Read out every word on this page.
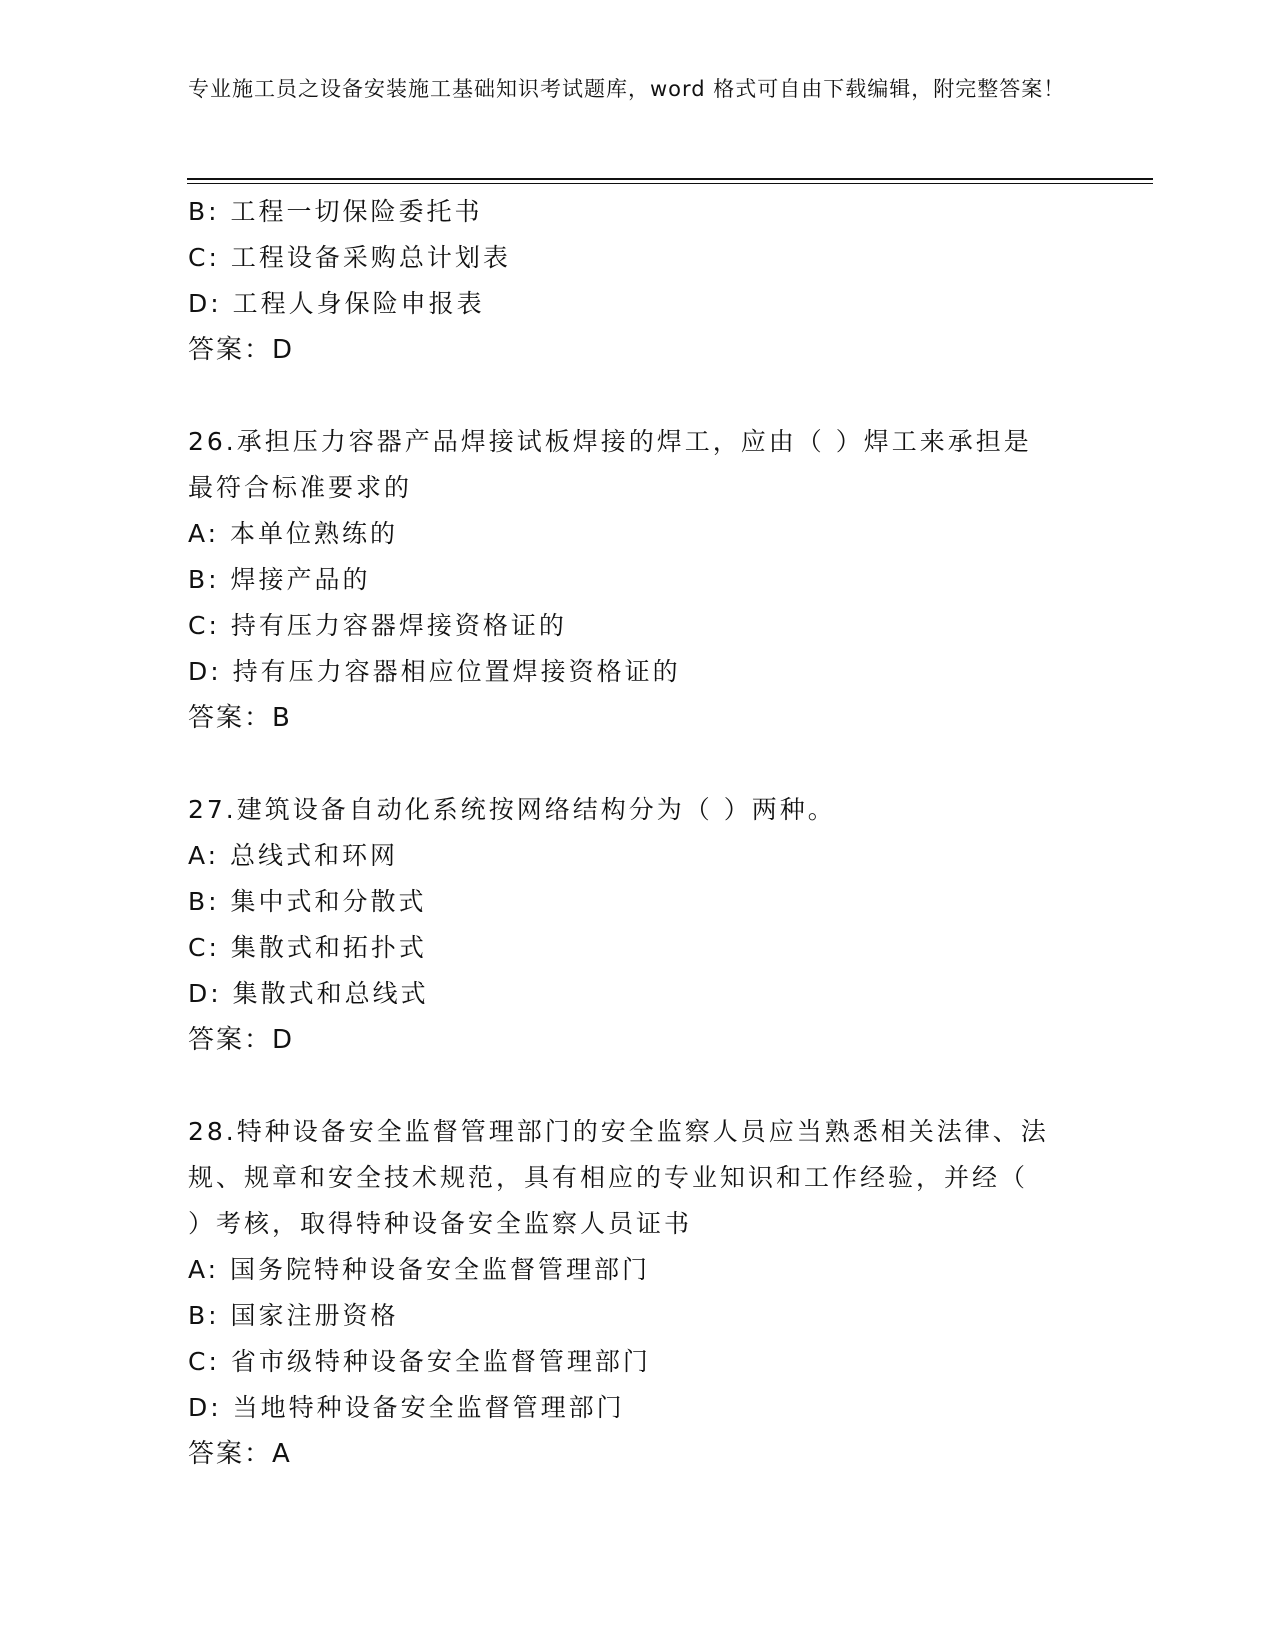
专业施工员之设备安装施工基础知识考试题库，word 格式可自由下载编辑，附完整答案！
B: 工程一切保险委托书
C: 工程设备采购总计划表
D: 工程人身保险申报表
答案：D
26.承担压力容器产品焊接试板焊接的焊工，应由（ ）焊工来承担是
最符合标准要求的
A: 本单位熟练的
B: 焊接产品的
C: 持有压力容器焊接资格证的
D: 持有压力容器相应位置焊接资格证的
答案：B
27.建筑设备自动化系统按网络结构分为（ ）两种。
A: 总线式和环网
B: 集中式和分散式
C: 集散式和拓扑式
D: 集散式和总线式
答案：D
28.特种设备安全监督管理部门的安全监察人员应当熟悉相关法律、法
规、规章和安全技术规范，具有相应的专业知识和工作经验，并经（
）考核，取得特种设备安全监察人员证书
A: 国务院特种设备安全监督管理部门
B: 国家注册资格
C: 省市级特种设备安全监督管理部门
D: 当地特种设备安全监督管理部门
答案：A
